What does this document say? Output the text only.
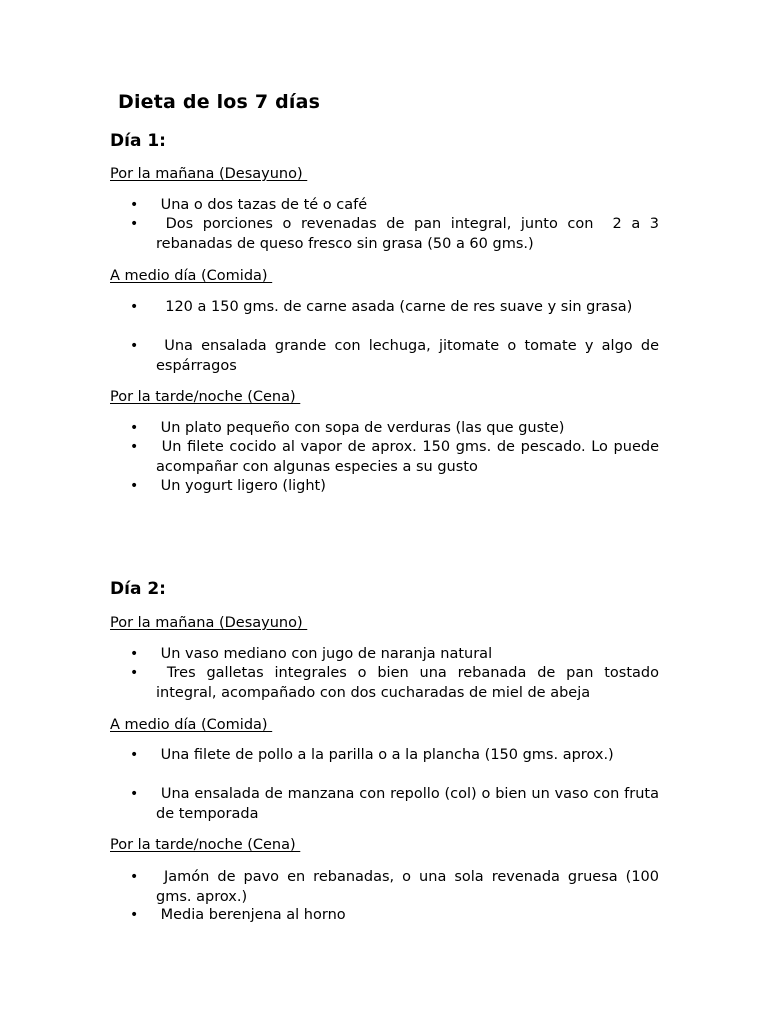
Dieta de los 7 días
Día 1:
Por la mañana (Desayuno)
• Una o dos tazas de té o café
• Dos porciones o revenadas de pan integral, junto con  2 a 3 rebanadas de queso fresco sin grasa (50 a 60 gms.)
A medio día (Comida)
• 120 a 150 gms. de carne asada (carne de res suave y sin grasa)
• Una ensalada grande con lechuga, jitomate o tomate y algo de espárragos
Por la tarde/noche (Cena)
• Un plato pequeño con sopa de verduras (las que guste)
• Un filete cocido al vapor de aprox. 150 gms. de pescado. Lo puede acompañar con algunas especies a su gusto
• Un yogurt ligero (light)
Día 2:
Por la mañana (Desayuno)
• Un vaso mediano con jugo de naranja natural
• Tres galletas integrales o bien una rebanada de pan tostado integral, acompañado con dos cucharadas de miel de abeja
A medio día (Comida)
• Una filete de pollo a la parilla o a la plancha (150 gms. aprox.)
• Una ensalada de manzana con repollo (col) o bien un vaso con fruta de temporada
Por la tarde/noche (Cena)
• Jamón de pavo en rebanadas, o una sola revenada gruesa (100 gms. aprox.)
• Media berenjena al horno
